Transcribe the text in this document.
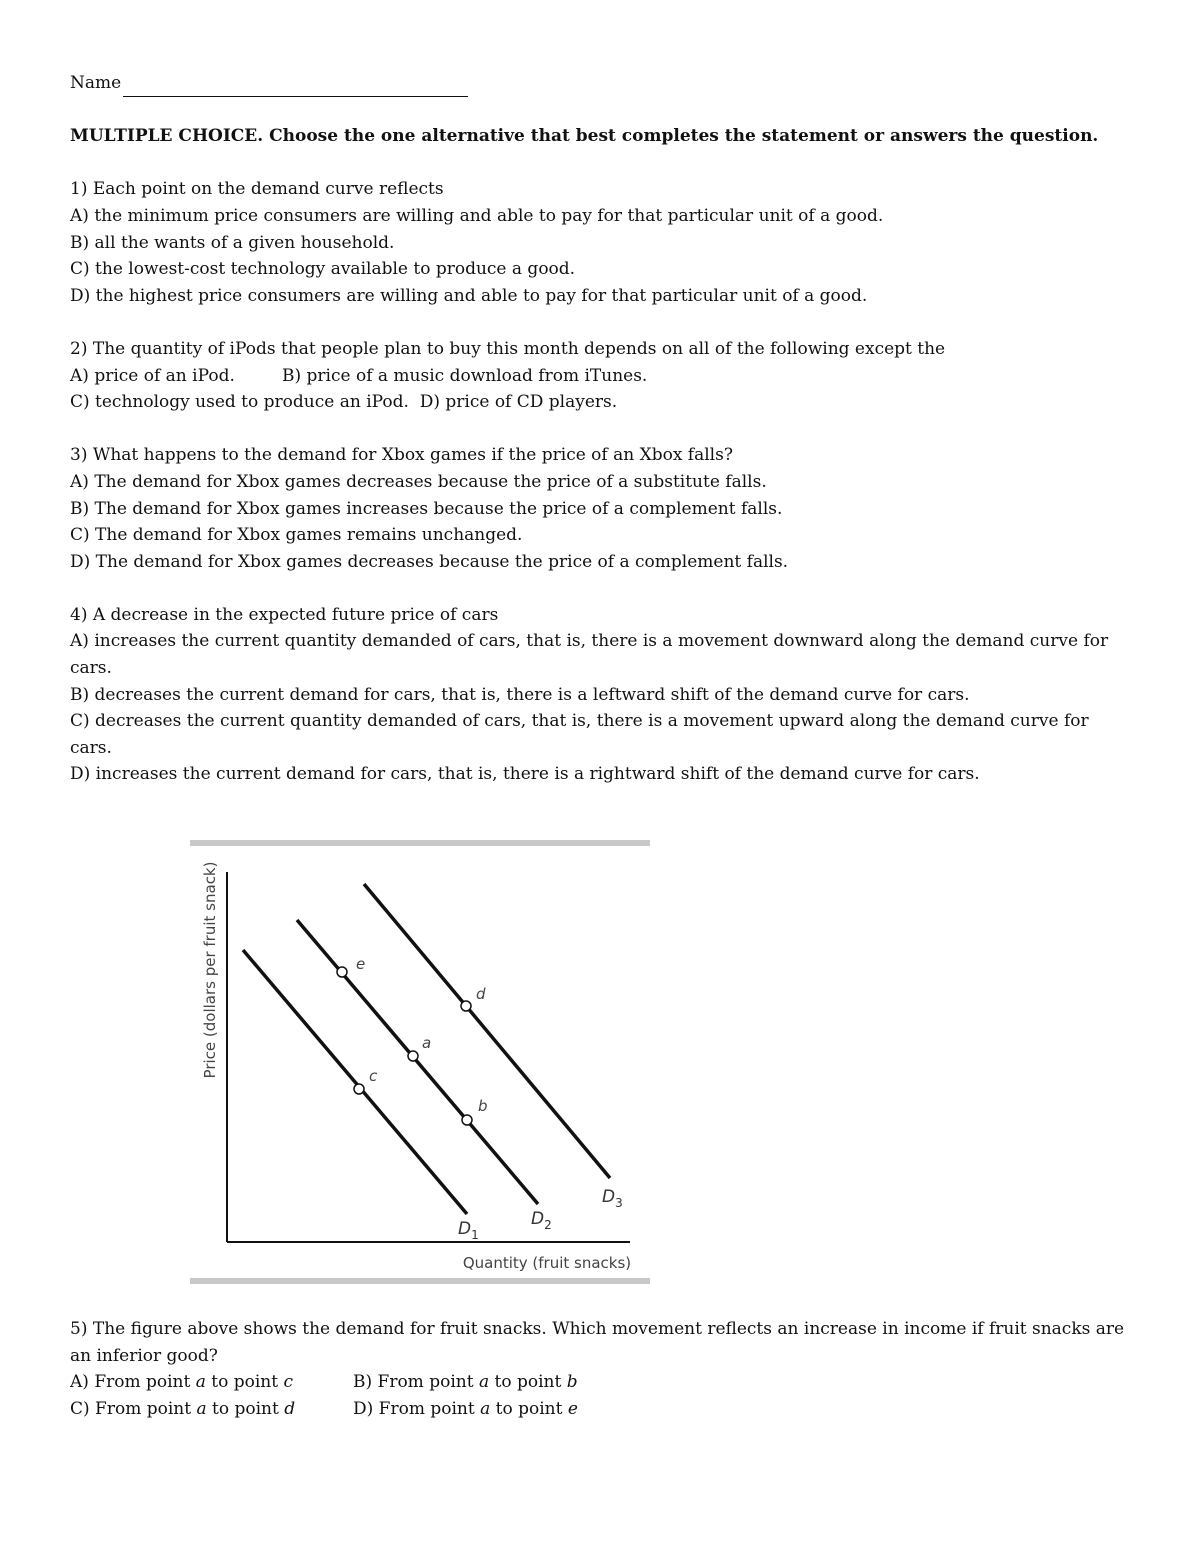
Name
MULTIPLE CHOICE. Choose the one alternative that best completes the statement or answers the question.
1) Each point on the demand curve reflects
A) the minimum price consumers are willing and able to pay for that particular unit of a good.
B) all the wants of a given household.
C) the lowest-cost technology available to produce a good.
D) the highest price consumers are willing and able to pay for that particular unit of a good.
2) The quantity of iPods that people plan to buy this month depends on all of the following except the
A) price of an iPod.	B) price of a music download from iTunes.
C) technology used to produce an iPod. D) price of CD players.
3) What happens to the demand for Xbox games if the price of an Xbox falls?
A) The demand for Xbox games decreases because the price of a substitute falls.
B) The demand for Xbox games increases because the price of a complement falls.
C) The demand for Xbox games remains unchanged.
D) The demand for Xbox games decreases because the price of a complement falls.
4) A decrease in the expected future price of cars
A) increases the current quantity demanded of cars, that is, there is a movement downward along the demand curve for cars.
B) decreases the current demand for cars, that is, there is a leftward shift of the demand curve for cars.
C) decreases the current quantity demanded of cars, that is, there is a movement upward along the demand curve for cars.
D) increases the current demand for cars, that is, there is a rightward shift of the demand curve for cars.
Price (dollars per fruit snack)
Quantity (fruit snacks)
$D_1$
$D_2$
$D_3$
e
a
b
c
d
5) The figure above shows the demand for fruit snacks. Which movement reflects an increase in income if fruit snacks are an inferior good?
A) From point a to point c	B) From point a to point b
C) From point a to point d	D) From point a to point e
